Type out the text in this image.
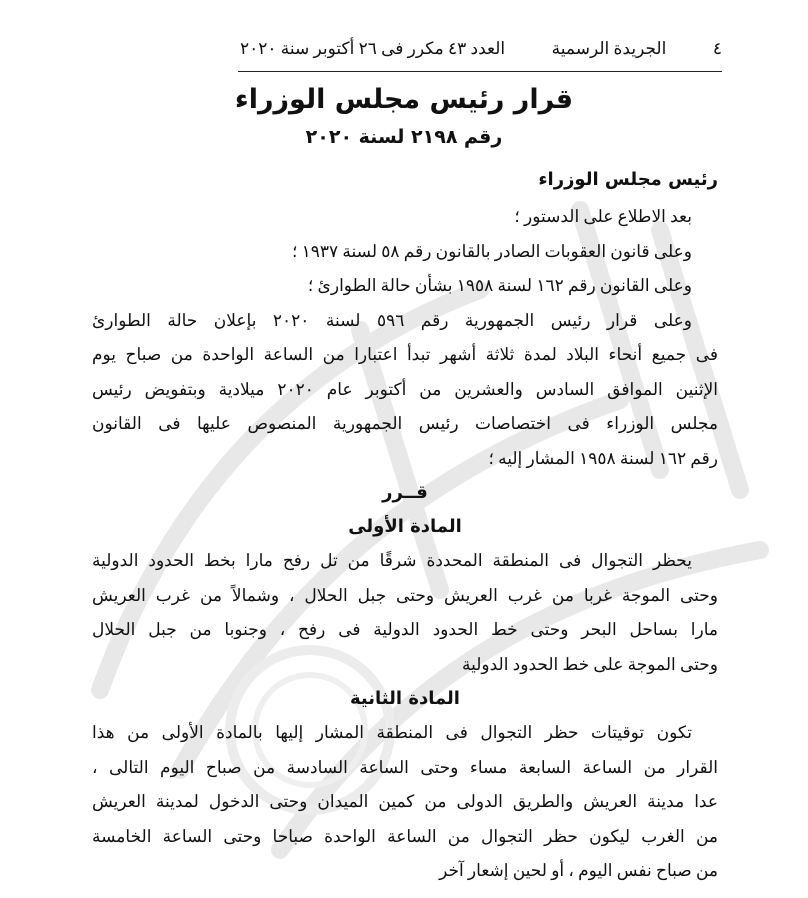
٤
الجريدة الرسمية
العدد ٤٣ مكرر فى ٢٦ أكتوبر سنة ٢٠٢٠
قرار رئيس مجلس الوزراء
رقم ٢١٩٨ لسنة ٢٠٢٠
رئيس مجلس الوزراء
بعد الاطلاع على الدستور ؛
وعلى قانون العقوبات الصادر بالقانون رقم ٥٨ لسنة ١٩٣٧ ؛
وعلى القانون رقم ١٦٢ لسنة ١٩٥٨ بشأن حالة الطوارئ ؛
وعلى قرار رئيس الجمهورية رقم ٥٩٦ لسنة ٢٠٢٠ بإعلان حالة الطوارئ
فى جميع أنحاء البلاد لمدة ثلاثة أشهر تبدأ اعتبارا من الساعة الواحدة من صباح يوم
الإثنين الموافق السادس والعشرين من أكتوبر عام ٢٠٢٠ ميلادية وبتفويض رئيس
مجلس الوزراء فى اختصاصات رئيس الجمهورية المنصوص عليها فى القانون
رقم ١٦٢ لسنة ١٩٥٨ المشار إليه ؛
قــرر
المادة الأولى
يحظر التجوال فى المنطقة المحددة شرقًا من تل رفح مارا بخط الحدود الدولية
وحتى الموجة غربا من غرب العريش وحتى جبل الحلال ، وشمالاً من غرب العريش
مارا بساحل البحر وحتى خط الحدود الدولية فى رفح ، وجنوبا من جبل الحلال
وحتى الموجة على خط الحدود الدولية
المادة الثانية
تكون توقيتات حظر التجوال فى المنطقة المشار إليها بالمادة الأولى من هذا
القرار من الساعة السابعة مساء وحتى الساعة السادسة من صباح اليوم التالى ،
عدا مدينة العريش والطريق الدولى من كمين الميدان وحتى الدخول لمدينة العريش
من الغرب ليكون حظر التجوال من الساعة الواحدة صباحا وحتى الساعة الخامسة
من صباح نفس اليوم ، أو لحين إشعار آخر
